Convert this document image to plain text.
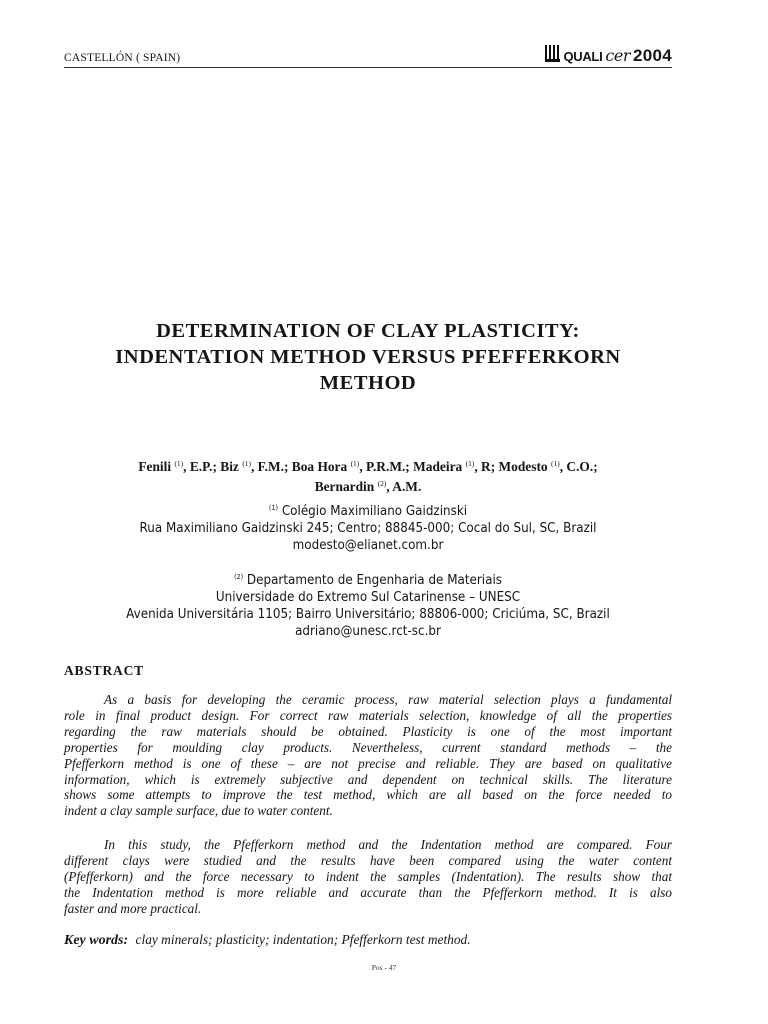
CASTELLÓN ( SPAIN)	QUALI cer 2004
DETERMINATION OF CLAY PLASTICITY:
INDENTATION METHOD VERSUS PFEFFERKORN
METHOD
Fenili $^{(1)}$, E.P.; Biz $^{(1)}$, F.M.; Boa Hora $^{(1)}$, P.R.M.; Madeira $^{(1)}$, R; Modesto $^{(1)}$, C.O.;
Bernardin $^{(2)}$, A.M.
$^{(1)}$ Colégio Maximiliano Gaidzinski
Rua Maximiliano Gaidzinski 245; Centro; 88845-000; Cocal do Sul, SC, Brazil
modesto@elianet.com.br
$^{(2)}$ Departamento de Engenharia de Materiais
Universidade do Extremo Sul Catarinense – UNESC
Avenida Universitária 1105; Bairro Universitário; 88806-000; Criciúma, SC, Brazil
adriano@unesc.rct-sc.br
ABSTRACT
As a basis for developing the ceramic process, raw material selection plays a fundamental
role in final product design. For correct raw materials selection, knowledge of all the properties
regarding the raw materials should be obtained. Plasticity is one of the most important
properties for moulding clay products. Nevertheless, current standard methods – the
Pfefferkorn method is one of these – are not precise and reliable. They are based on qualitative
information, which is extremely subjective and dependent on technical skills. The literature
shows some attempts to improve the test method, which are all based on the force needed to
indent a clay sample surface, due to water content.
In this study, the Pfefferkorn method and the Indentation method are compared. Four
different clays were studied and the results have been compared using the water content
(Pfefferkorn) and the force necessary to indent the samples (Indentation). The results show that
the Indentation method is more reliable and accurate than the Pfefferkorn method. It is also
faster and more practical.
Key words: clay minerals; plasticity; indentation; Pfefferkorn test method.
Pos - 47
